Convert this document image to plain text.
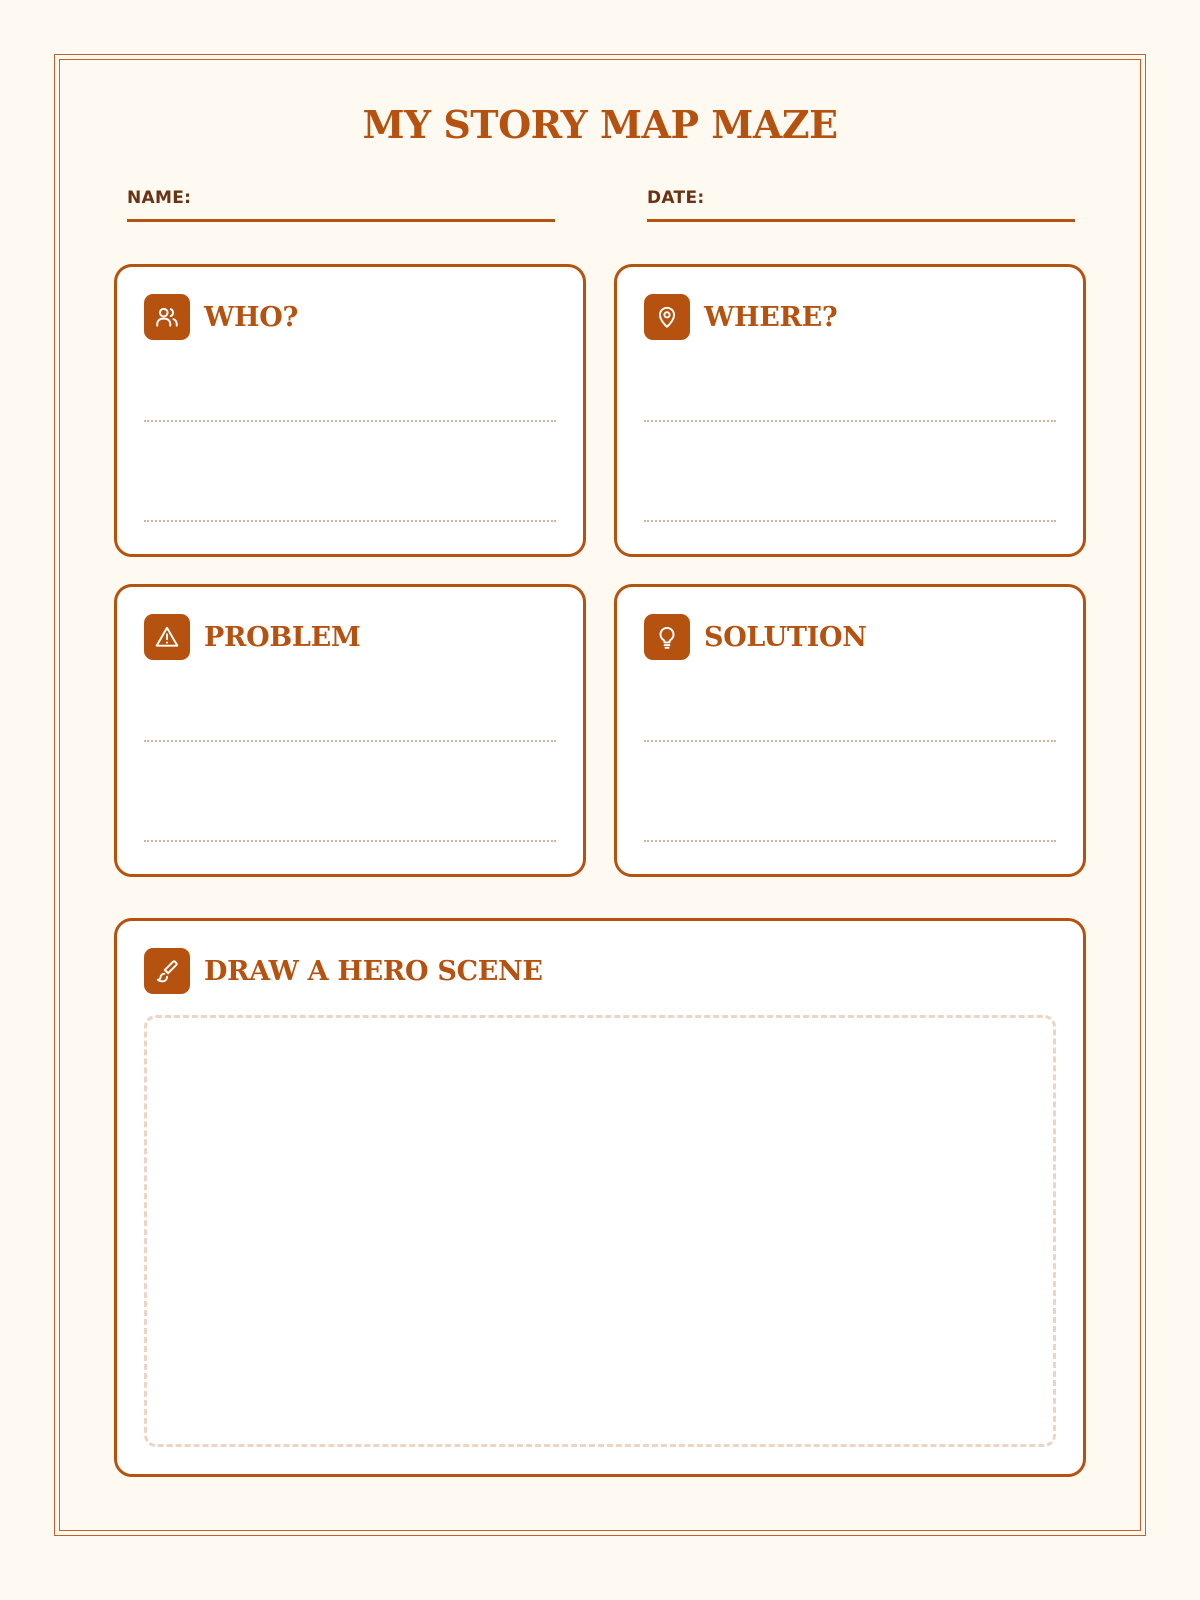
MY STORY MAP MAZE
NAME:	DATE:
WHO?	WHERE?
PROBLEM	SOLUTION
DRAW A HERO SCENE
